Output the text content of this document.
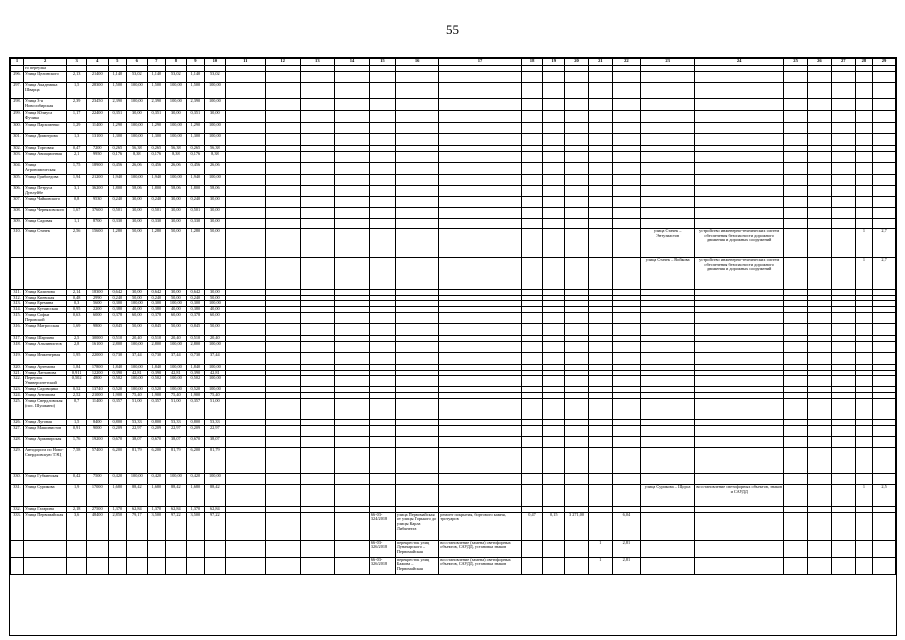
55
1	2	3	4	5	6	7	8	9	10	11	12	13	14	15	16	17	18	19	20	21	22	23	24	25	26	27	28	29
	го переулка																											
296.	Улица Целинского	2,13	21400	1,140	53,02	1,140	53,02	1,140	53,02																			
297.	Улица Академика Шварца	1,5	28300	1,500	100,00	1,500	100,00	1,500	100,00																			
298.	Улица 3-я Новосибирская	2,39	23450	2,390	100,00	2,390	100,00	2,390	100,00																			
299.	Улица Юлиуса Фучика	1,17	22400	0,351	30,00	0,351	30,00	0,351	30,00																			
300.	Улица Пархоменко	1,29	11400	1,290	100,00	1,290	100,00	1,290	100,00																			
301.	Улица Димитрова	1,3	13100	1,300	100,00	1,300	100,00	1,300	100,00																			
302.	Улица Торговая	0,47	7200	0,265	56,38	0,265	56,38	0,265	56,38																			
303.	Улица Авиационная	2,1	9950	0,176	8,38	0,176	8,38	0,176	8,38																			
304.	Улица Агрономическая	1,75	18900	0,456	26,06	0,456	26,06	0,456	26,06																			
305.	Улица Грибоедова	1,94	21200	1,940	100,00	1,940	100,00	1,940	100,00																			
306.	Улица Петруса Дунлуйбе	3,1	36200	1,800	58,06	1,800	58,06	1,800	58,06																			
307.	Улица Чайковского	0,8	9530	0,240	30,00	0,240	30,00	0,240	30,00																			
308.	Улица Черняховского	1,67	37600	0,501	30,00	0,501	30,00	0,501	30,00																			
309.	Улица Садовая	1,1	8700	0,330	30,00	0,330	30,00	0,330	30,00																			
310.	Улица Стачек	2,56	15600	1,280	50,00	1,280	50,00	1,280	50,00													улица Стачек – Энтузиастов	устройство инженерно-технических систем обеспечения безопасности дорожного движения и дорожных сооружений				1	2,7
																						улица Стачек – Войкова	устройство инженерно-технических систем обеспечения безопасности дорожного движения и дорожных сооружений				1	2,7
311.	Улица Калинова	2,14	18300	0,642	30,00	0,642	30,00	0,642	30,00																			
312.	Улица Киевская	0,48	2990	0,240	50,00	0,240	50,00	0,240	50,00																			
313.	Улица Еремина	0,3	5600	0,300	100,00	0,300	100,00	0,300	100,00																			
314.	Улица Кутаисская	0,95	2200	0,380	40,00	0,380	40,00	0,380	40,00																			
315.	Улица Софьи Перовской	0,63	6000	0,378	60,00	0,378	60,00	0,378	60,00																			
316.	Улица Матросская	1,69	9800	0,845	50,00	0,845	50,00	0,845	50,00																			
317.	Улица Шарчана	2,5	30000	0,510	20,40	0,510	20,40	0,510	20,40																			
318.	Улица Альпинистов	2,8	16100	2,800	100,00	2,800	100,00	2,800	100,00																			
319.	Улица Инженерная	1,95	22000	0,730	37,44	0,730	37,44	0,730	37,44																			
320.	Улица Артемова	1,84	17800	1,840	100,00	1,840	100,00	1,840	100,00																			
321.	Улица Латчанова	0,911	12200	0,390	42,81	0,390	42,81	0,390	42,81																			
322.	Переулок Университетский	0,502	4800	0,502	100,00	0,502	100,00	0,502	100,00																			
323.	Улица Садовщика	0,52	13740	0,520	100,00	0,520	100,00	0,520	100,00																			
324.	Улица Антипова	2,52	21000	1,900	75,40	1,900	75,40	1,900	75,40																			
325.	Улица Свердловская (пос. Шушкино)	0,7	11400	0,357	51,00	0,357	51,00	0,357	51,00																			
326.	Улица Луговая	1,5	8400	0,800	53,33	0,800	53,33	0,800	53,33																			
327.	Улица Машинистов	0,91	9000	0,209	22,97	0,209	22,97	0,209	22,97																			
328.	Улица Армавирская	1,76	19200	0,670	38,07	0,670	38,07	0,670	38,07																			
329.	Автодорога по Ново-Свердловскую ТЭЦ	7,58	57400	6,200	81,79	6,200	81,79	6,200	81,79																			
330.	Улица Губкинская	0,42	7500	0,420	100,00	0,420	100,00	0,420	100,00																			
331.	Улица Сурикова	1,9	17000	1,680	88,42	1,680	88,42	1,680	88,42													улица Сурикова – Щорса	восстановление светофорных объектов, знаков и САУДД				1	2,5
332.	Улица Гагарина	2,18	27500	1,370	62,84	1,370	62,84	1,370	62,84																			
333.	Улица Первомайская	3,6	48400	2,850	79,17	3,500	97,22	3,500	97,22					66-03-324/2018	улица Первомайская от улицы Горького до улицы Карла Либкнехта	ремонт покрытия, бортового камня, тротуаров	0,47	0,15	3 271,00		6,04							
														66-03-326/2018	перекресток улиц Луначарского – Первомайская	восстановление (замена) светофорных объектов, САУДД, установка знаков				1	2,81							
														66-03-326/2018	перекресток улиц Бажова – Первомайская	восстановление (замена) светофорных объектов, САУДД, установка знаков				1	2,81							
